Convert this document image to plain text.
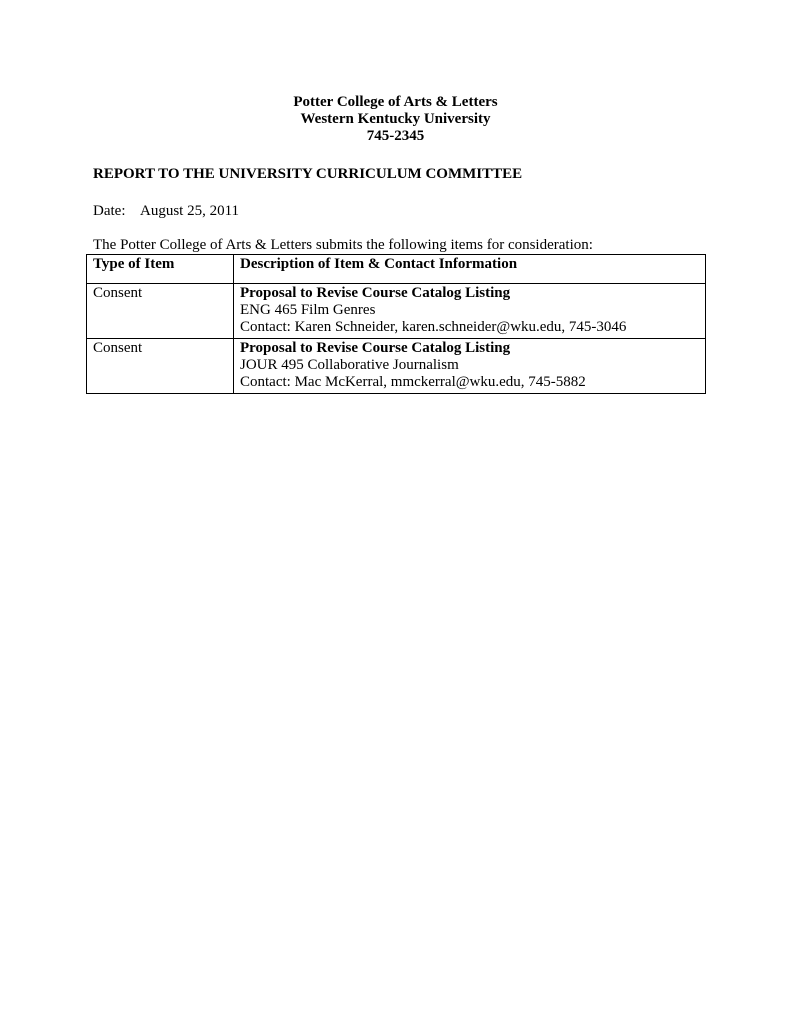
Potter College of Arts & Letters
Western Kentucky University
745-2345
REPORT TO THE UNIVERSITY CURRICULUM COMMITTEE
Date: August 25, 2011
The Potter College of Arts & Letters submits the following items for consideration:
Type of Item	Description of Item & Contact Information
Consent	Proposal to Revise Course Catalog Listing
ENG 465 Film Genres
Contact: Karen Schneider, karen.schneider@wku.edu, 745-3046

Consent	Proposal to Revise Course Catalog Listing
JOUR 495 Collaborative Journalism
Contact: Mac McKerral, mmckerral@wku.edu, 745-5882
